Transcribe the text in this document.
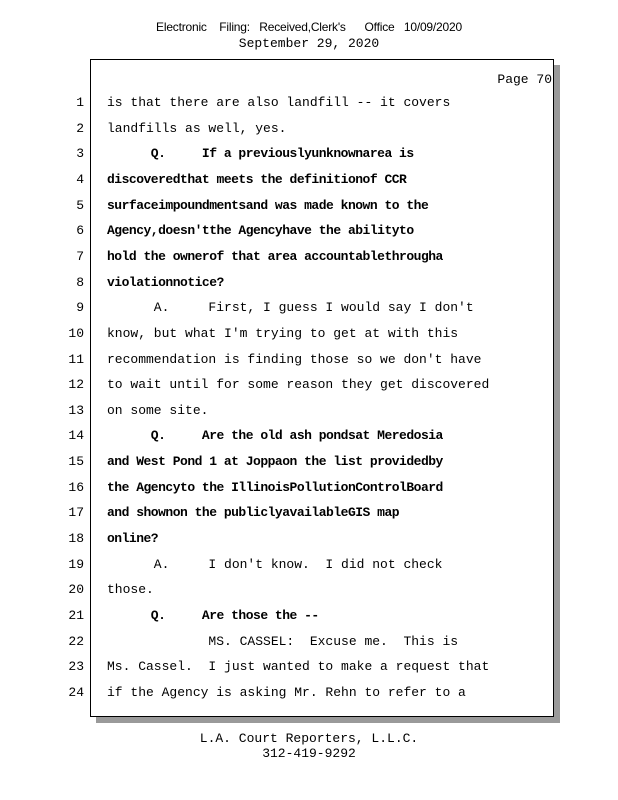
Electronic    Filing:   Received,Clerk's      Office   10/09/2020
September 29, 2020
Page 70
1 is that there are also landfill -- it covers
2 landfills as well, yes.
3 Q.     If a previouslyunknownarea is
4 discoveredthat meets the definitionof CCR
5 surfaceimpoundmentsand was made known to the
6 Agency,doesn'tthe Agencyhave the abilityto
7 hold the ownerof that area accountablethrougha
8 violationnotice?
9 A.     First, I guess I would say I don't
10 know, but what I'm trying to get at with this
11 recommendation is finding those so we don't have
12 to wait until for some reason they get discovered
13 on some site.
14 Q.     Are the old ash pondsat Meredosia
15 and West Pond 1 at Joppaon the list providedby
16 the Agencyto the IllinoisPollutionControlBoard
17 and shownon the publiclyavailableGIS map
18 online?
19 A.     I don't know.  I did not check
20 those.
21 Q.     Are those the --
22 MS. CASSEL:  Excuse me.  This is
23 Ms. Cassel.  I just wanted to make a request that
24 if the Agency is asking Mr. Rehn to refer to a
L.A. Court Reporters, L.L.C.
312-419-9292
